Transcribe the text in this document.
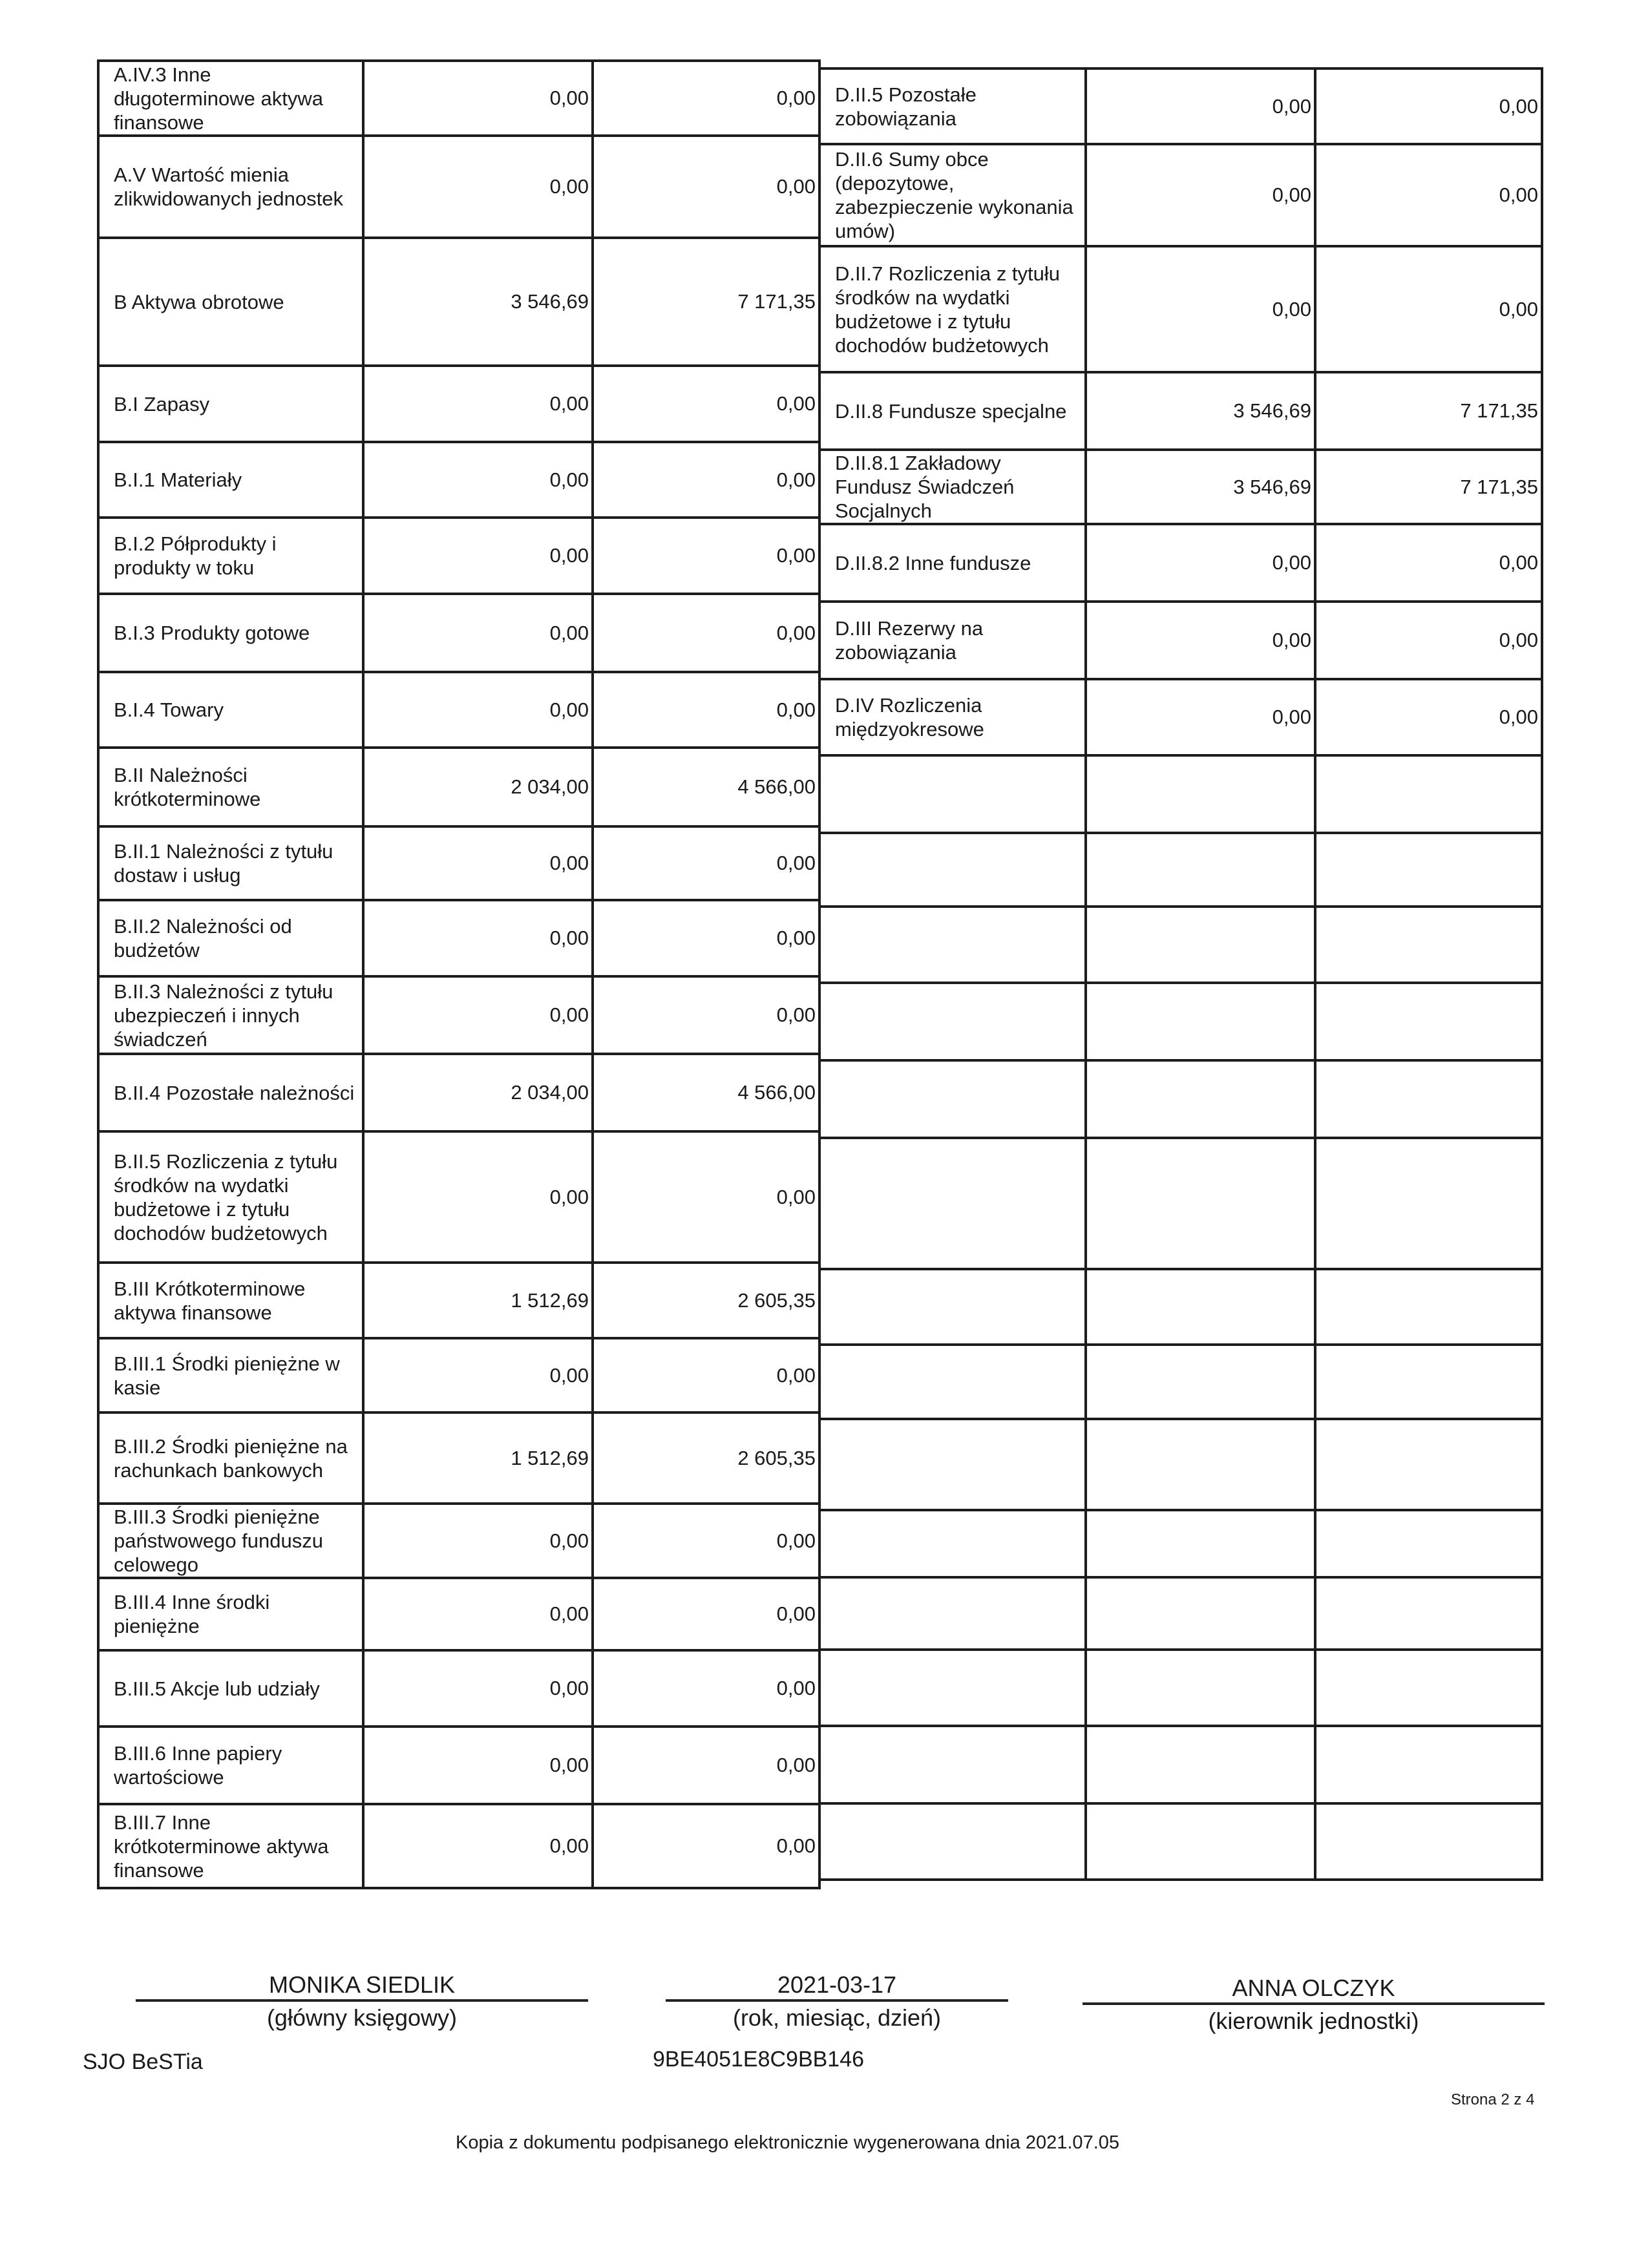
A.IV.3 Inne długoterminowe aktywa finansowe	0,00	0,00
A.V Wartość mienia zlikwidowanych jednostek	0,00	0,00
B Aktywa obrotowe	3 546,69	7 171,35
B.I Zapasy	0,00	0,00
B.I.1 Materiały	0,00	0,00
B.I.2 Półprodukty i produkty w toku	0,00	0,00
B.I.3 Produkty gotowe	0,00	0,00
B.I.4 Towary	0,00	0,00
B.II Należności krótkoterminowe	2 034,00	4 566,00
B.II.1 Należności z tytułu dostaw i usług	0,00	0,00
B.II.2 Należności od budżetów	0,00	0,00
B.II.3 Należności z tytułu ubezpieczeń i innych świadczeń	0,00	0,00
B.II.4 Pozostałe należności	2 034,00	4 566,00
B.II.5 Rozliczenia z tytułu środków na wydatki budżetowe i z tytułu dochodów budżetowych	0,00	0,00
B.III Krótkoterminowe aktywa finansowe	1 512,69	2 605,35
B.III.1 Środki pieniężne w kasie	0,00	0,00
B.III.2 Środki pieniężne na rachunkach bankowych	1 512,69	2 605,35
B.III.3 Środki pieniężne państwowego funduszu celowego	0,00	0,00
B.III.4 Inne środki pieniężne	0,00	0,00
B.III.5 Akcje lub udziały	0,00	0,00
B.III.6 Inne papiery wartościowe	0,00	0,00
B.III.7 Inne krótkoterminowe aktywa finansowe	0,00	0,00
D.II.5 Pozostałe zobowiązania	0,00	0,00
D.II.6 Sumy obce (depozytowe, zabezpieczenie wykonania umów)	0,00	0,00
D.II.7 Rozliczenia z tytułu środków na wydatki budżetowe i z tytułu dochodów budżetowych	0,00	0,00
D.II.8 Fundusze specjalne	3 546,69	7 171,35
D.II.8.1 Zakładowy Fundusz Świadczeń Socjalnych	3 546,69	7 171,35
D.II.8.2 Inne fundusze	0,00	0,00
D.III Rezerwy na zobowiązania	0,00	0,00
D.IV Rozliczenia międzyokresowe	0,00	0,00

MONIKA SIEDLIK
(główny księgowy)
2021-03-17
(rok, miesiąc, dzień)
ANNA OLCZYK
(kierownik jednostki)
SJO BeSTia	9BE4051E8C9BB146
Strona 2 z 4
Kopia z dokumentu podpisanego elektronicznie wygenerowana dnia 2021.07.05
